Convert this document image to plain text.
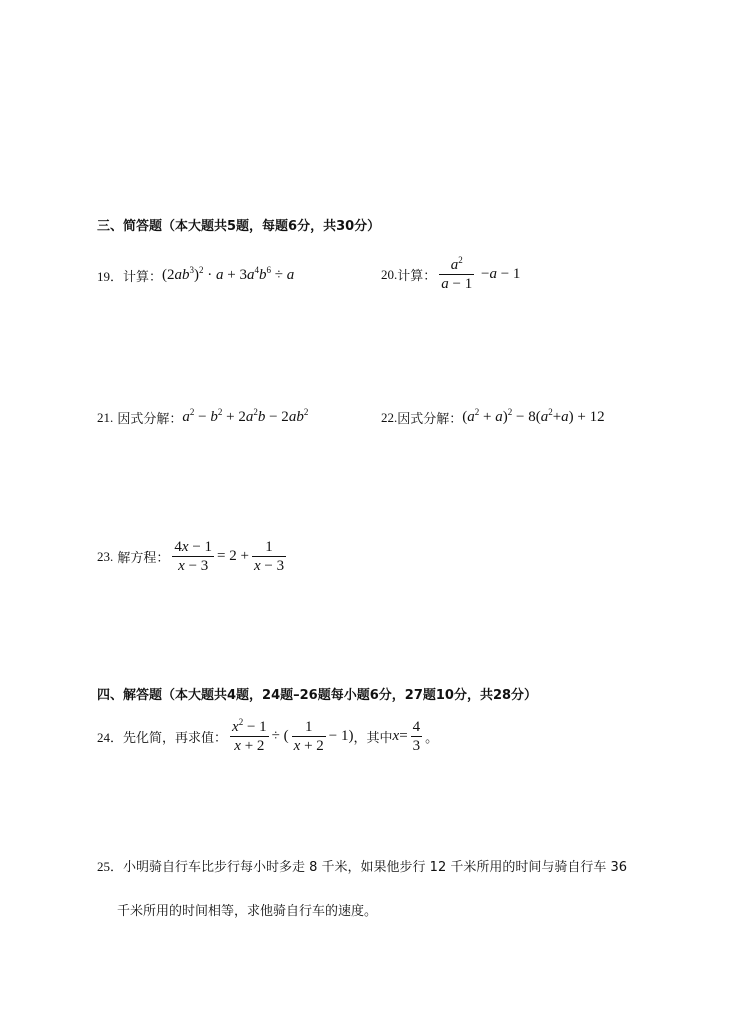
三、简答题（本大题共5题，每题6分，共30分）
19． 计算： $(2ab^3)^2 \cdot a + 3a^4b^6 \div a$	20. 计算： $\frac{a^2}{a - 1} - a - 1$
21.
因式分解： $a^2 - b^2 + 2a^2b - 2ab^2$	22. 因式分解： $(a^2 + a)^2 - 8(a^2+a) + 12$
23.
解方程： $\frac{4x - 1}{x - 3} = 2 + \frac{1}{x - 3}$
四、解答题（本大题共4题，24题–26题每小题6分，27题10分，共28分）
24． 先化简，再求值： $\frac{x^2 - 1}{x + 2}$ ÷ ( $\frac{1}{x + 2} - 1$) ，其中 $x = \frac{4}{3}$ 。
25．小明骑自行车比步行每小时多走 8 千米，如果他步行 12 千米所用的时间与骑自行车 36
千米所用的时间相等，求他骑自行车的速度。
